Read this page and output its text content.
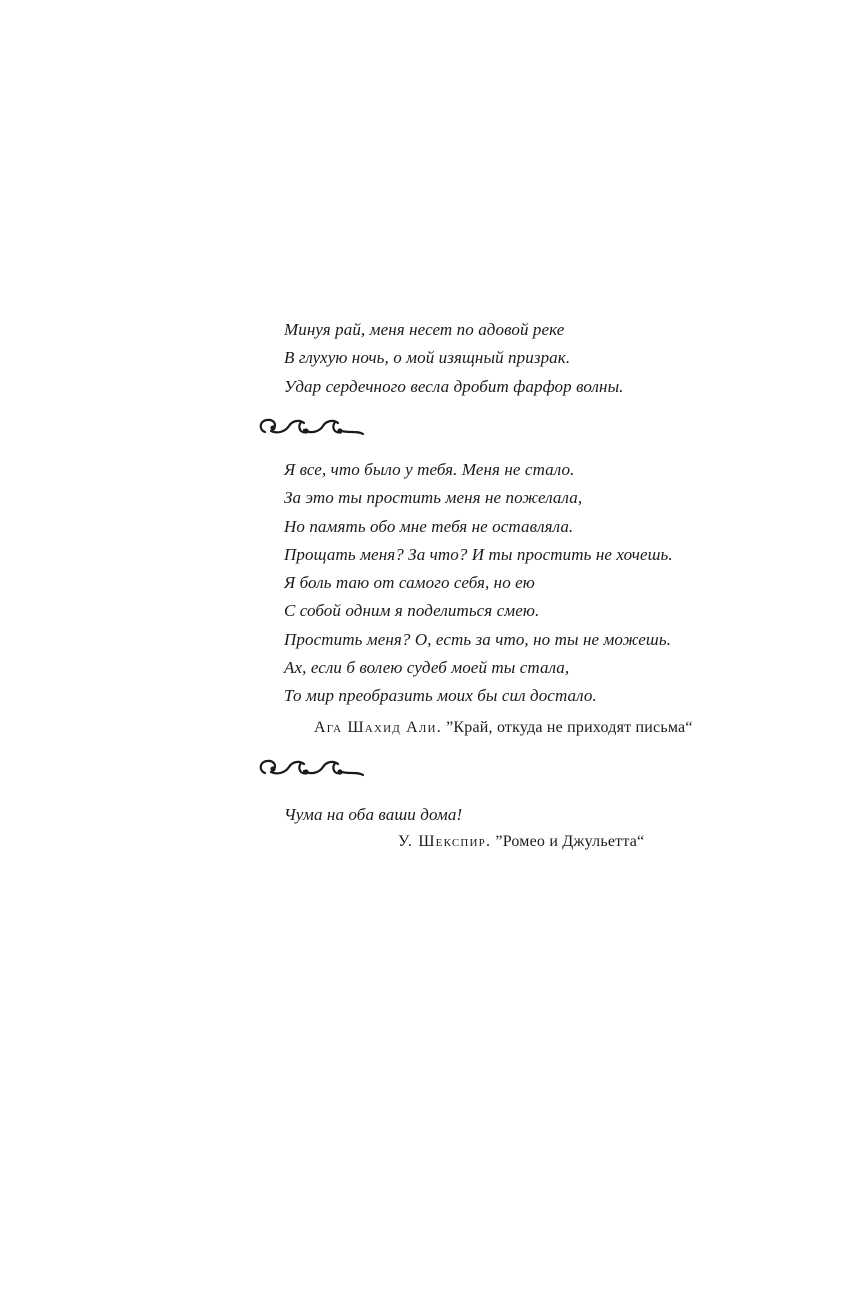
Минуя рай, меня несет по адовой реке
В глухую ночь, о мой изящный призрак.
Удар сердечного весла дробит фарфор волны.
Я все, что было у тебя. Меня не стало.
За это ты простить меня не пожелала,
Но память обо мне тебя не оставляла.
Прощать меня? За что? И ты простить не хочешь.
Я боль таю от самого себя, но ею
С собой одним я поделиться смею.
Простить меня? О, есть за что, но ты не можешь.
Ах, если б волею судеб моей ты стала,
То мир преобразить моих бы сил достало.
Ага Шахид Али. ”Край, откуда не приходят письма“
Чума на оба ваши дома!
У. Шекспир. ”Ромео и Джульетта“
